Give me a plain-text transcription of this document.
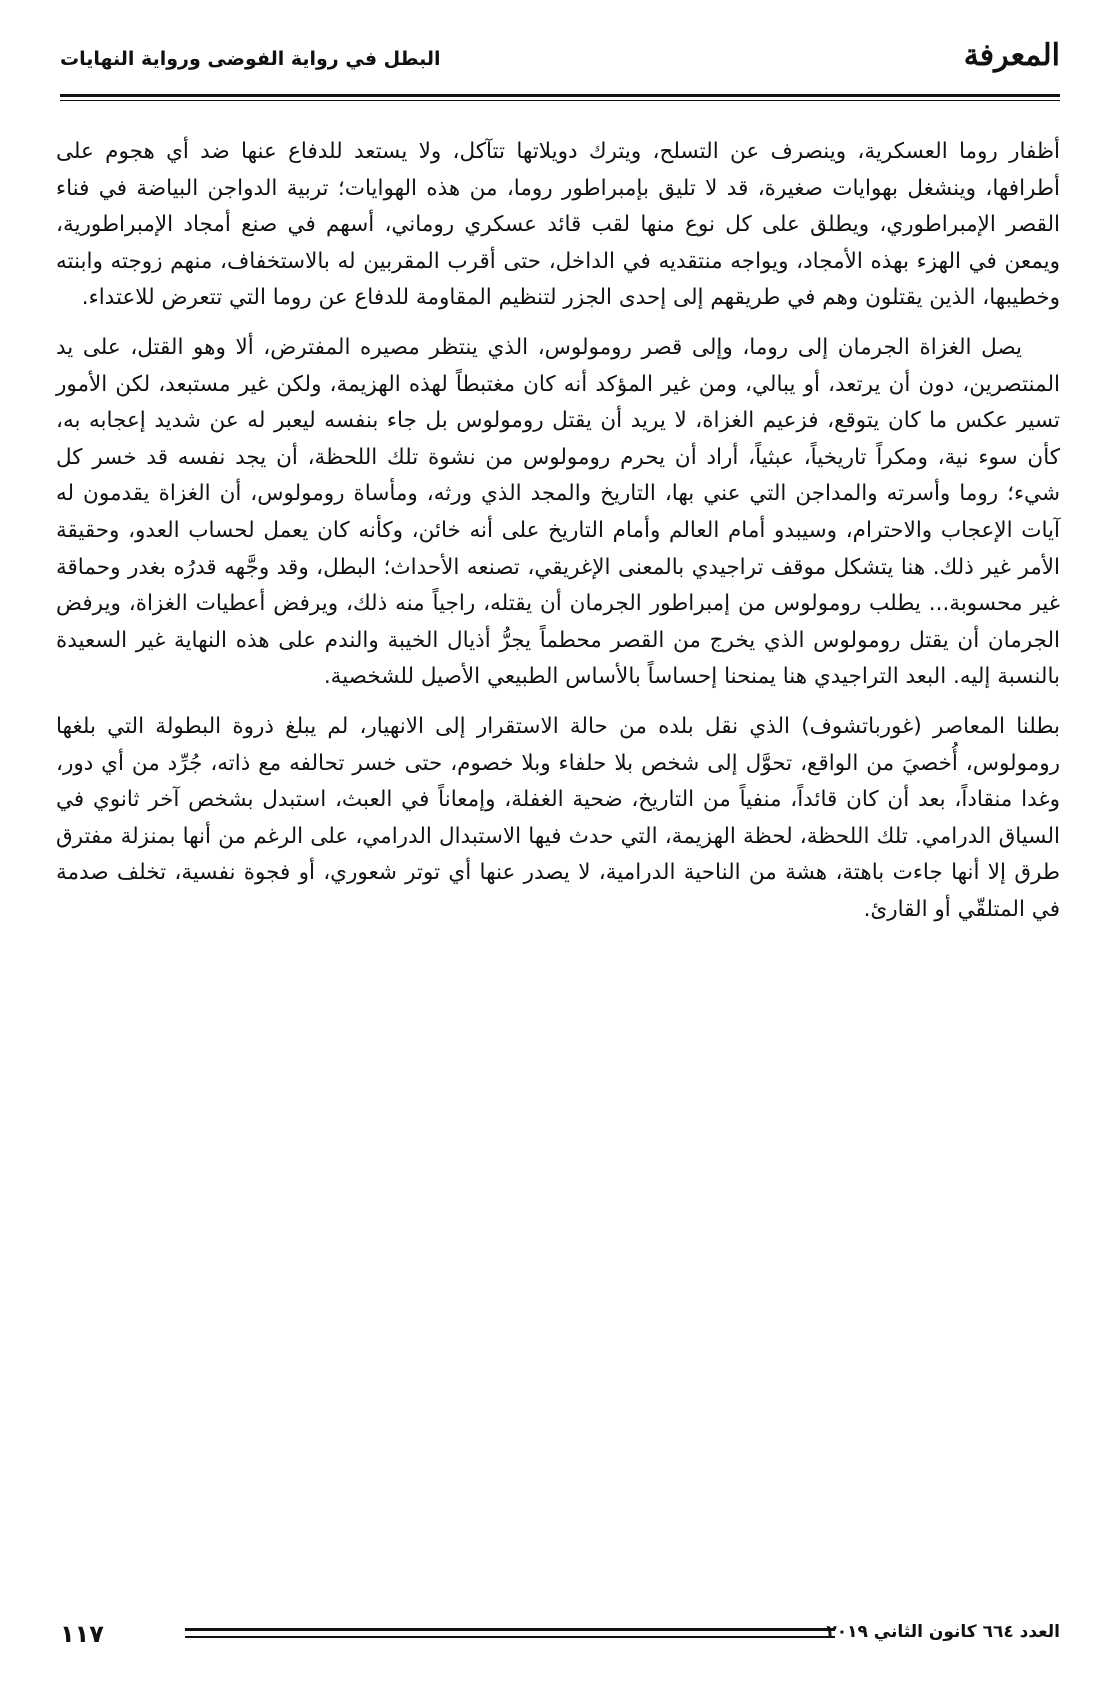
المعرفة
البطل في رواية الفوضى ورواية النهايات

أظفار روما العسكرية، وينصرف عن التسلح، ويترك دويلاتها تتآكل، ولا يستعد للدفاع عنها ضد أي هجوم على أطرافها، وينشغل بهوايات صغيرة، قد لا تليق بإمبراطور روما، من هذه الهوايات؛ تربية الدواجن البياضة في فناء القصر الإمبراطوري، ويطلق على كل نوع منها لقب قائد عسكري روماني، أسهم في صنع أمجاد الإمبراطورية، ويمعن في الهزء بهذه الأمجاد، ويواجه منتقديه في الداخل، حتى أقرب المقربين له بالاستخفاف، منهم زوجته وابنته وخطيبها، الذين يقتلون وهم في طريقهم إلى إحدى الجزر لتنظيم المقاومة للدفاع عن روما التي تتعرض للاعتداء.

يصل الغزاة الجرمان إلى روما، وإلى قصر رومولوس، الذي ينتظر مصيره المفترض، ألا وهو القتل، على يد المنتصرين، دون أن يرتعد، أو يبالي، ومن غير المؤكد أنه كان مغتبطاً لهذه الهزيمة، ولكن غير مستبعد، لكن الأمور تسير عكس ما كان يتوقع، فزعيم الغزاة، لا يريد أن يقتل رومولوس بل جاء بنفسه ليعبر له عن شديد إعجابه به، كأن سوء نية، ومكراً تاريخياً، عبثياً، أراد أن يحرم رومولوس من نشوة تلك اللحظة، أن يجد نفسه قد خسر كل شيء؛ روما وأسرته والمداجن التي عني بها، التاريخ والمجد الذي ورثه، ومأساة رومولوس، أن الغزاة يقدمون له آيات الإعجاب والاحترام، وسيبدو أمام العالم وأمام التاريخ على أنه خائن، وكأنه كان يعمل لحساب العدو، وحقيقة الأمر غير ذلك. هنا يتشكل موقف تراجيدي بالمعنى الإغريقي، تصنعه الأحداث؛ البطل، وقد وجَّهه قدرُه بغدر وحماقة غير محسوبة... يطلب رومولوس من إمبراطور الجرمان أن يقتله، راجياً منه ذلك، ويرفض أعطيات الغزاة، ويرفض الجرمان أن يقتل رومولوس الذي يخرج من القصر محطماً يجرُّ أذيال الخيبة والندم على هذه النهاية غير السعيدة بالنسبة إليه. البعد التراجيدي هنا يمنحنا إحساساً بالأساس الطبيعي الأصيل للشخصية.

بطلنا المعاصر (غورباتشوف) الذي نقل بلده من حالة الاستقرار إلى الانهيار، لم يبلغ ذروة البطولة التي بلغها رومولوس، أُخصيَ من الواقع، تحوَّل إلى شخص بلا حلفاء وبلا خصوم، حتى خسر تحالفه مع ذاته، جُرِّد من أي دور، وغدا منقاداً، بعد أن كان قائداً، منفياً من التاريخ، ضحية الغفلة، وإمعاناً في العبث، استبدل بشخص آخر ثانوي في السياق الدرامي. تلك اللحظة، لحظة الهزيمة، التي حدث فيها الاستبدال الدرامي، على الرغم من أنها بمنزلة مفترق طرق إلا أنها جاءت باهتة، هشة من الناحية الدرامية، لا يصدر عنها أي توتر شعوري، أو فجوة نفسية، تخلف صدمة في المتلقّي أو القارئ.

١١٧	العدد ٦٦٤ كانون الثاني ٢٠١٩
